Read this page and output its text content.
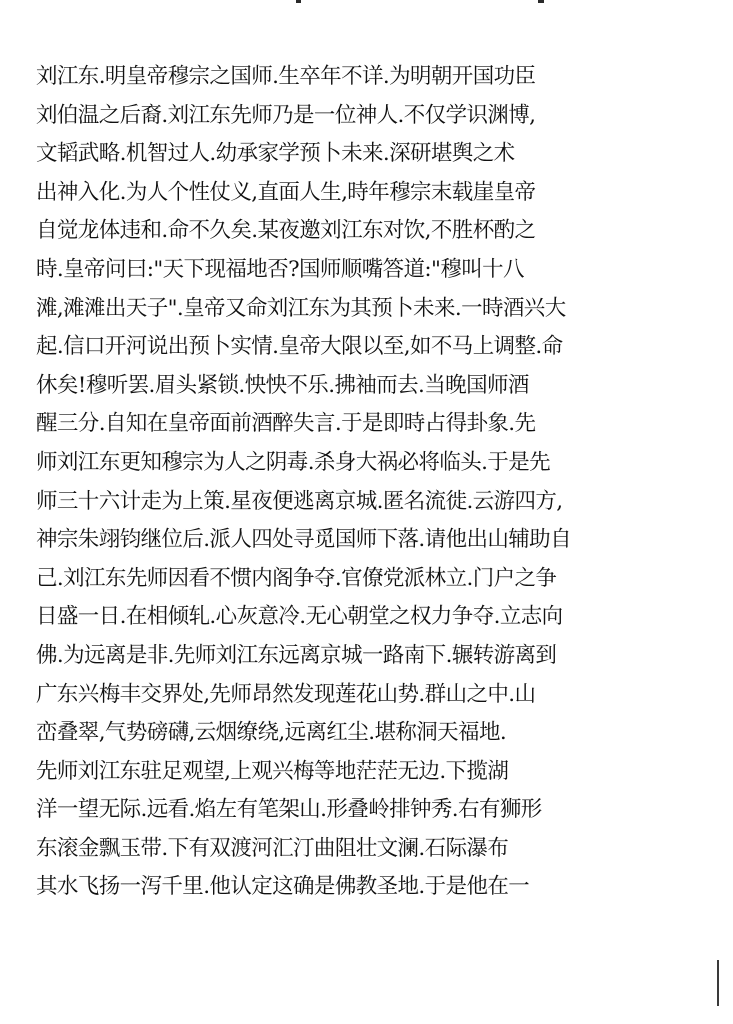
刘江东.明皇帝穆宗之国师.生卒年不详.为明朝开国功臣
刘伯温之后裔.刘江东先师乃是一位神人.不仅学识渊博,
文韬武略.机智过人.幼承家学预卜未来.深研堪舆之术
出神入化.为人个性仗义,直面人生,時年穆宗末载崖皇帝
自觉龙体违和.命不久矣.某夜邀刘江东对饮,不胜杯酌之
時.皇帝问曰:"天下现福地否?国师顺嘴答道:"穆叫十八
滩,滩滩出天子".皇帝又命刘江东为其预卜未来.一時酒兴大
起.信口开河说出预卜实情.皇帝大限以至,如不马上调整.命
休矣!穆听罢.眉头紧锁.怏怏不乐.拂袖而去.当晚国师酒
醒三分.自知在皇帝面前酒醉失言.于是即時占得卦象.先
师刘江东更知穆宗为人之阴毒.杀身大祸必将临头.于是先
师三十六计走为上策.星夜便逃离京城.匿名流徙.云游四方,
神宗朱翊钧继位后.派人四处寻觅国师下落.请他出山辅助自
己.刘江东先师因看不惯内阁争夺.官僚党派林立.门户之争
日盛一日.在相倾轧.心灰意冷.无心朝堂之权力争夺.立志向
佛.为远离是非.先师刘江东远离京城一路南下.辗转游离到
广东兴梅丰交界处,先师昂然发现莲花山势.群山之中.山
峦叠翠,气势磅礴,云烟缭绕,远离红尘.堪称洞天福地.
先师刘江东驻足观望,上观兴梅等地茫茫无边.下揽湖
洋一望无际.远看.焰左有笔架山.形叠岭排钟秀.右有狮形
东滚金飘玉带.下有双渡河汇汀曲阻壮文澜.石际瀑布
其水飞扬一泻千里.他认定这确是佛教圣地.于是他在一
